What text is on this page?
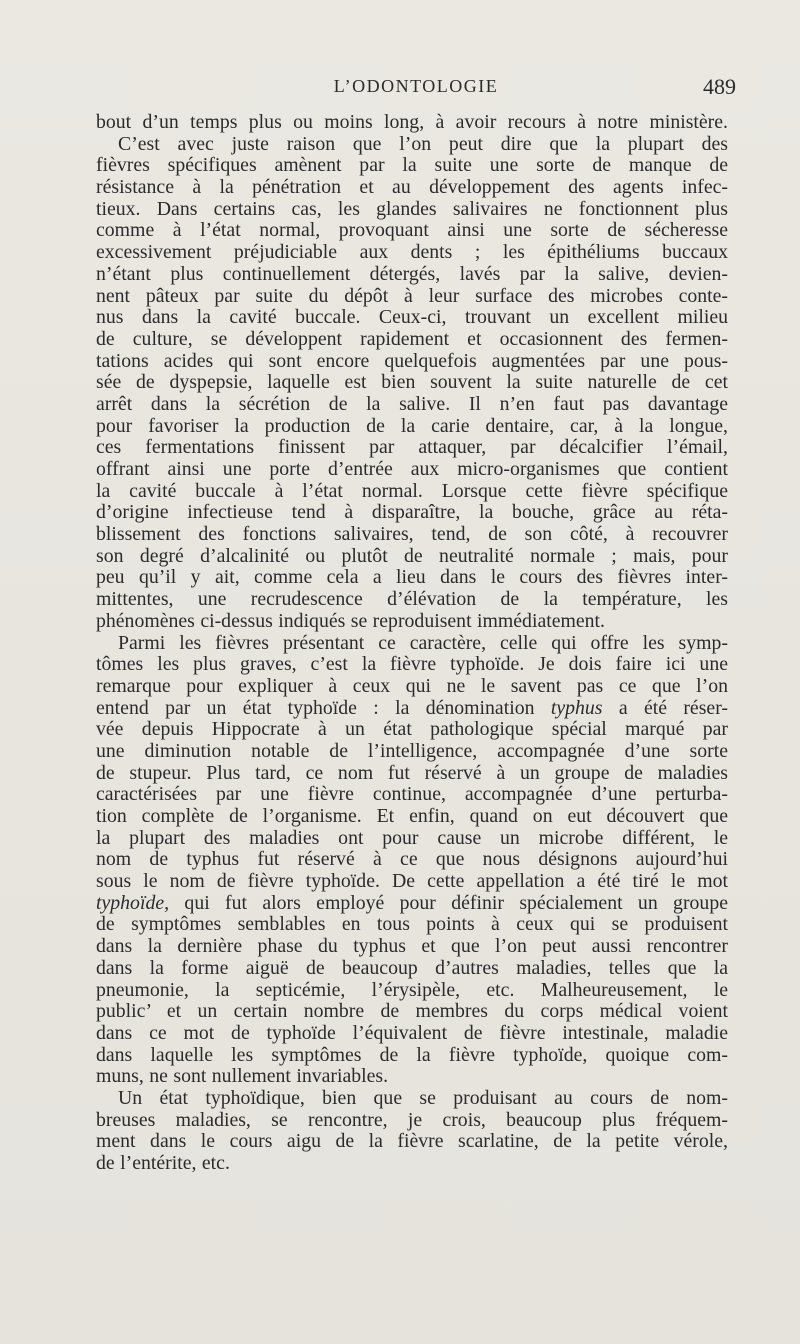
L’ODONTOLOGIE	489
bout d’un temps plus ou moins long, à avoir recours à notre ministère.
C’est avec juste raison que l’on peut dire que la plupart des
fièvres spécifiques amènent par la suite une sorte de manque de
résistance à la pénétration et au développement des agents infec-
tieux. Dans certains cas, les glandes salivaires ne fonctionnent plus
comme à l’état normal, provoquant ainsi une sorte de sécheresse
excessivement préjudiciable aux dents ; les épithéliums buccaux
n’étant plus continuellement détergés, lavés par la salive, devien-
nent pâteux par suite du dépôt à leur surface des microbes conte-
nus dans la cavité buccale. Ceux-ci, trouvant un excellent milieu
de culture, se développent rapidement et occasionnent des fermen-
tations acides qui sont encore quelquefois augmentées par une pous-
sée de dyspepsie, laquelle est bien souvent la suite naturelle de cet
arrêt dans la sécrétion de la salive. Il n’en faut pas davantage
pour favoriser la production de la carie dentaire, car, à la longue,
ces fermentations finissent par attaquer, par décalcifier l’émail,
offrant ainsi une porte d’entrée aux micro-organismes que contient
la cavité buccale à l’état normal. Lorsque cette fièvre spécifique
d’origine infectieuse tend à disparaître, la bouche, grâce au réta-
blissement des fonctions salivaires, tend, de son côté, à recouvrer
son degré d’alcalinité ou plutôt de neutralité normale ; mais, pour
peu qu’il y ait, comme cela a lieu dans le cours des fièvres inter-
mittentes, une recrudescence d’élévation de la température, les
phénomènes ci-dessus indiqués se reproduisent immédiatement.
Parmi les fièvres présentant ce caractère, celle qui offre les symp-
tômes les plus graves, c’est la fièvre typhoïde. Je dois faire ici une
remarque pour expliquer à ceux qui ne le savent pas ce que l’on
entend par un état typhoïde : la dénomination typhus a été réser-
vée depuis Hippocrate à un état pathologique spécial marqué par
une diminution notable de l’intelligence, accompagnée d’une sorte
de stupeur. Plus tard, ce nom fut réservé à un groupe de maladies
caractérisées par une fièvre continue, accompagnée d’une perturba-
tion complète de l’organisme. Et enfin, quand on eut découvert que
la plupart des maladies ont pour cause un microbe différent, le
nom de typhus fut réservé à ce que nous désignons aujourd’hui
sous le nom de fièvre typhoïde. De cette appellation a été tiré le mot
typhoïde, qui fut alors employé pour définir spécialement un groupe
de symptômes semblables en tous points à ceux qui se produisent
dans la dernière phase du typhus et que l’on peut aussi rencontrer
dans la forme aiguë de beaucoup d’autres maladies, telles que la
pneumonie, la septicémie, l’érysipèle, etc. Malheureusement, le
public’ et un certain nombre de membres du corps médical voient
dans ce mot de typhoïde l’équivalent de fièvre intestinale, maladie
dans laquelle les symptômes de la fièvre typhoïde, quoique com-
muns, ne sont nullement invariables.
Un état typhoïdique, bien que se produisant au cours de nom-
breuses maladies, se rencontre, je crois, beaucoup plus fréquem-
ment dans le cours aigu de la fièvre scarlatine, de la petite vérole,
de l’entérite, etc.
